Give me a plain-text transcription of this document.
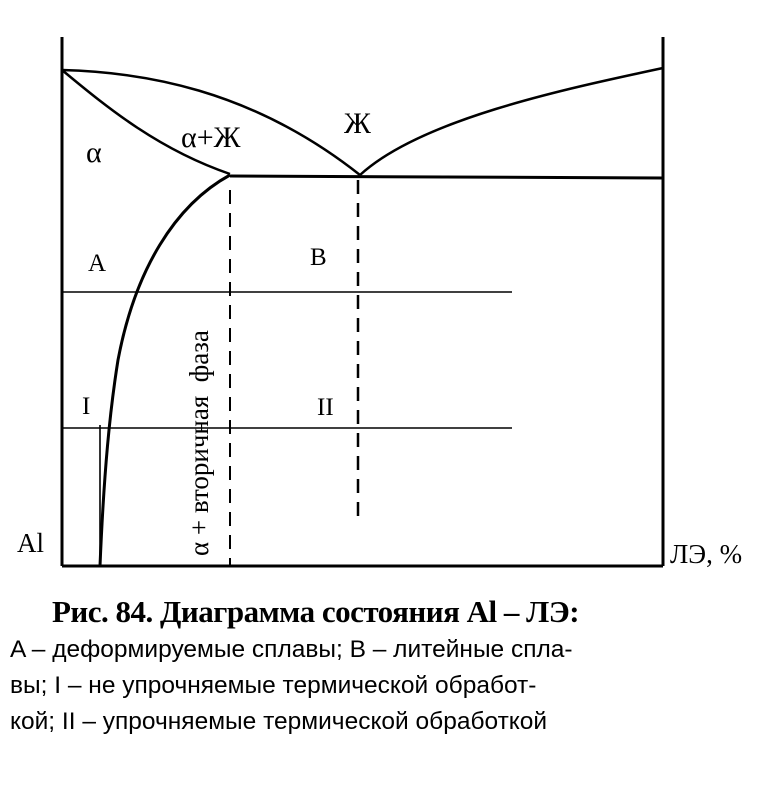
Ж
α	α+Ж
A	B
I	II
α + вторичная  фаза
Al	ЛЭ, %

Рис. 84. Диаграмма состояния Al – ЛЭ:

A – деформируемые сплавы; B – литейные спла-

вы; I – не упрочняемые термической обработ-

кой; II – упрочняемые термической обработкой
